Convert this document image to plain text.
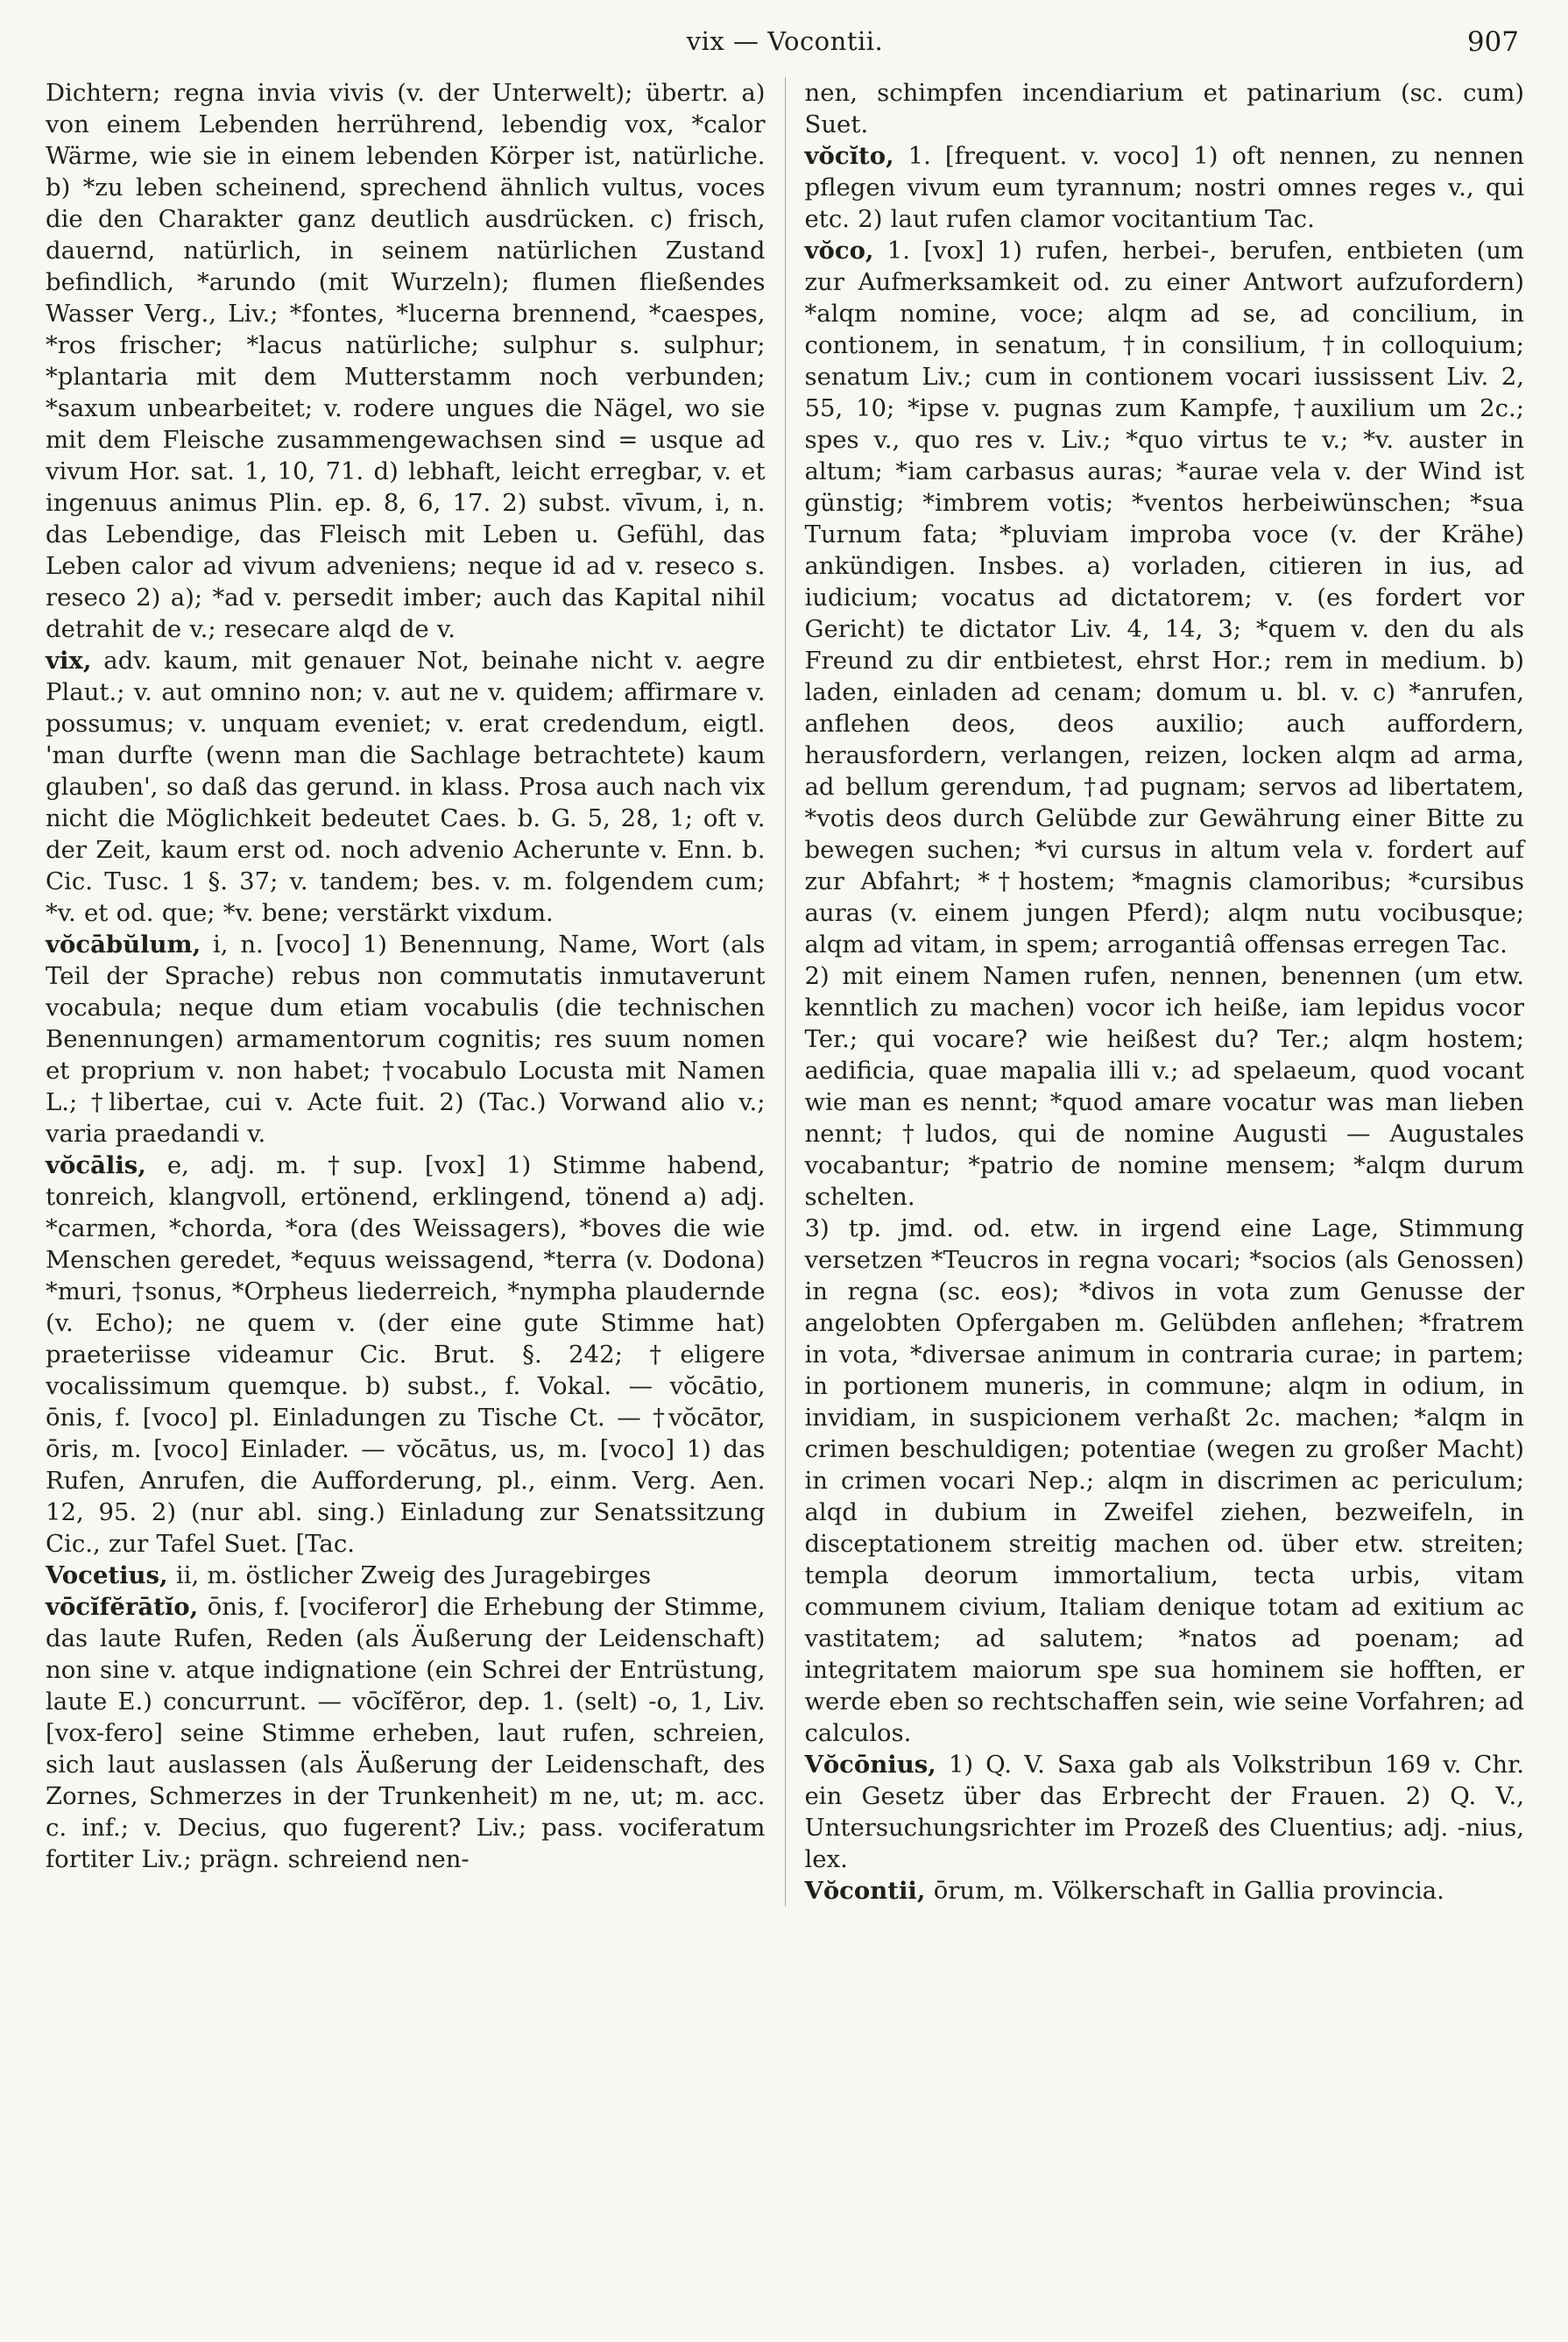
vix — Vocontii.	907

Dichtern; regna invia vivis (v. der Unterwelt); übertr. a) von einem Lebenden herrührend, lebendig vox, *calor Wärme, wie sie in einem lebenden Körper ist, natürliche. b) *zu leben scheinend, sprechend ähnlich vultus, voces die den Charakter ganz deutlich ausdrücken. c) frisch, dauernd, natürlich, in seinem natürlichen Zustand befindlich, *arundo (mit Wurzeln); flumen fließendes Wasser Verg., Liv.; *fontes, *lucerna brennend, *caespes, *ros frischer; *lacus natürliche; sulphur s. sulphur; *plantaria mit dem Mutterstamm noch verbunden; *saxum unbearbeitet; v. rodere ungues die Nägel, wo sie mit dem Fleische zusammengewachsen sind = usque ad vivum Hor. sat. 1, 10, 71. d) lebhaft, leicht erregbar, v. et ingenuus animus Plin. ep. 8, 6, 17. 2) subst. vīvum, i, n. das Lebendige, das Fleisch mit Leben u. Gefühl, das Leben calor ad vivum adveniens; neque id ad v. reseco s. reseco 2) a); *ad v. persedit imber; auch das Kapital nihil detrahit de v.; resecare alqd de v.

vix, adv. kaum, mit genauer Not, beinahe nicht v. aegre Plaut.; v. aut omnino non; v. aut ne v. quidem; affirmare v. possumus; v. unquam eveniet; v. erat credendum, eigtl. 'man durfte (wenn man die Sachlage betrachtete) kaum glauben', so daß das gerund. in klass. Prosa auch nach vix nicht die Möglichkeit bedeutet Caes. b. G. 5, 28, 1; oft v. der Zeit, kaum erst od. noch advenio Acherunte v. Enn. b. Cic. Tusc. 1 §. 37; v. tandem; bes. v. m. folgendem cum; *v. et od. que; *v. bene; verstärkt vixdum.

vŏcābŭlum, i, n. [voco] 1) Benennung, Name, Wort (als Teil der Sprache) rebus non commutatis inmutaverunt vocabula; neque dum etiam vocabulis (die technischen Benennungen) armamentorum cognitis; res suum nomen et proprium v. non habet; †vocabulo Locusta mit Namen L.; †libertae, cui v. Acte fuit. 2) (Tac.) Vorwand alio v.; varia praedandi v.

vŏcālis, e, adj. m. †sup. [vox] 1) Stimme habend, tonreich, klangvoll, ertönend, erklingend, tönend a) adj. *carmen, *chorda, *ora (des Weissagers), *boves die wie Menschen geredet, *equus weissagend, *terra (v. Dodona) *muri, †sonus, *Orpheus liederreich, *nympha plaudernde (v. Echo); ne quem v. (der eine gute Stimme hat) praeteriisse videamur Cic. Brut. §. 242; †eligere vocalissimum quemque. b) subst., f. Vokal. — vŏcātio, ōnis, f. [voco] pl. Einladungen zu Tische Ct. — †vŏcātor, ōris, m. [voco] Einlader. — vŏcātus, us, m. [voco] 1) das Rufen, Anrufen, die Aufforderung, pl., einm. Verg. Aen. 12, 95. 2) (nur abl. sing.) Einladung zur Senatssitzung Cic., zur Tafel Suet. [Tac.

Vocetius, ii, m. östlicher Zweig des Juragebirges

vōcĭfĕrātĭo, ōnis, f. [vociferor] die Erhebung der Stimme, das laute Rufen, Reden (als Äußerung der Leidenschaft) non sine v. atque indignatione (ein Schrei der Entrüstung, laute E.) concurrunt. — vōcĭfĕror, dep. 1. (selt) -o, 1, Liv. [vox-fero] seine Stimme erheben, laut rufen, schreien, sich laut auslassen (als Äußerung der Leidenschaft, des Zornes, Schmerzes in der Trunkenheit) m ne, ut; m. acc. c. inf.; v. Decius, quo fugerent? Liv.; pass. vociferatum fortiter Liv.; prägn. schreiend nen-

nen, schimpfen incendiarium et patinarium (sc. cum) Suet.

vŏcĭto, 1. [frequent. v. voco] 1) oft nennen, zu nennen pflegen vivum eum tyrannum; nostri omnes reges v., qui etc. 2) laut rufen clamor vocitantium Tac.

vŏco, 1. [vox] 1) rufen, herbei-, berufen, entbieten (um zur Aufmerksamkeit od. zu einer Antwort aufzufordern) *alqm nomine, voce; alqm ad se, ad concilium, in contionem, in senatum, †in consilium, †in colloquium; senatum Liv.; cum in contionem vocari iussissent Liv. 2, 55, 10; *ipse v. pugnas zum Kampfe, †auxilium um 2c.; spes v., quo res v. Liv.; *quo virtus te v.; *v. auster in altum; *iam carbasus auras; *aurae vela v. der Wind ist günstig; *imbrem votis; *ventos herbeiwünschen; *sua Turnum fata; *pluviam improba voce (v. der Krähe) ankündigen. Insbes. a) vorladen, citieren in ius, ad iudicium; vocatus ad dictatorem; v. (es fordert vor Gericht) te dictator Liv. 4, 14, 3; *quem v. den du als Freund zu dir entbietest, ehrst Hor.; rem in medium. b) laden, einladen ad cenam; domum u. bl. v. c) *anrufen, anflehen deos, deos auxilio; auch auffordern, herausfordern, verlangen, reizen, locken alqm ad arma, ad bellum gerendum, †ad pugnam; servos ad libertatem, *votis deos durch Gelübde zur Gewährung einer Bitte zu bewegen suchen; *vi cursus in altum vela v. fordert auf zur Abfahrt; *†hostem; *magnis clamoribus; *cursibus auras (v. einem jungen Pferd); alqm nutu vocibusque; alqm ad vitam, in spem; arrogantiâ offensas erregen Tac.

2) mit einem Namen rufen, nennen, benennen (um etw. kenntlich zu machen) vocor ich heiße, iam lepidus vocor Ter.; qui vocare? wie heißest du? Ter.; alqm hostem; aedificia, quae mapalia illi v.; ad spelaeum, quod vocant wie man es nennt; *quod amare vocatur was man lieben nennt; †ludos, qui de nomine Augusti — Augustales vocabantur; *patrio de nomine mensem; *alqm durum schelten.

3) tp. jmd. od. etw. in irgend eine Lage, Stimmung versetzen *Teucros in regna vocari; *socios (als Genossen) in regna (sc. eos); *divos in vota zum Genusse der angelobten Opfergaben m. Gelübden anflehen; *fratrem in vota, *diversae animum in contraria curae; in partem; in portionem muneris, in commune; alqm in odium, in invidiam, in suspicionem verhaßt 2c. machen; *alqm in crimen beschuldigen; potentiae (wegen zu großer Macht) in crimen vocari Nep.; alqm in discrimen ac periculum; alqd in dubium in Zweifel ziehen, bezweifeln, in disceptationem streitig machen od. über etw. streiten; templa deorum immortalium, tecta urbis, vitam communem civium, Italiam denique totam ad exitium ac vastitatem; ad salutem; *natos ad poenam; ad integritatem maiorum spe sua hominem sie hofften, er werde eben so rechtschaffen sein, wie seine Vorfahren; ad calculos.

Vŏcōnius, 1) Q. V. Saxa gab als Volkstribun 169 v. Chr. ein Gesetz über das Erbrecht der Frauen. 2) Q. V., Untersuchungsrichter im Prozeß des Cluentius; adj. -nius, lex.

Vŏcontii, ōrum, m. Völkerschaft in Gallia provincia.
